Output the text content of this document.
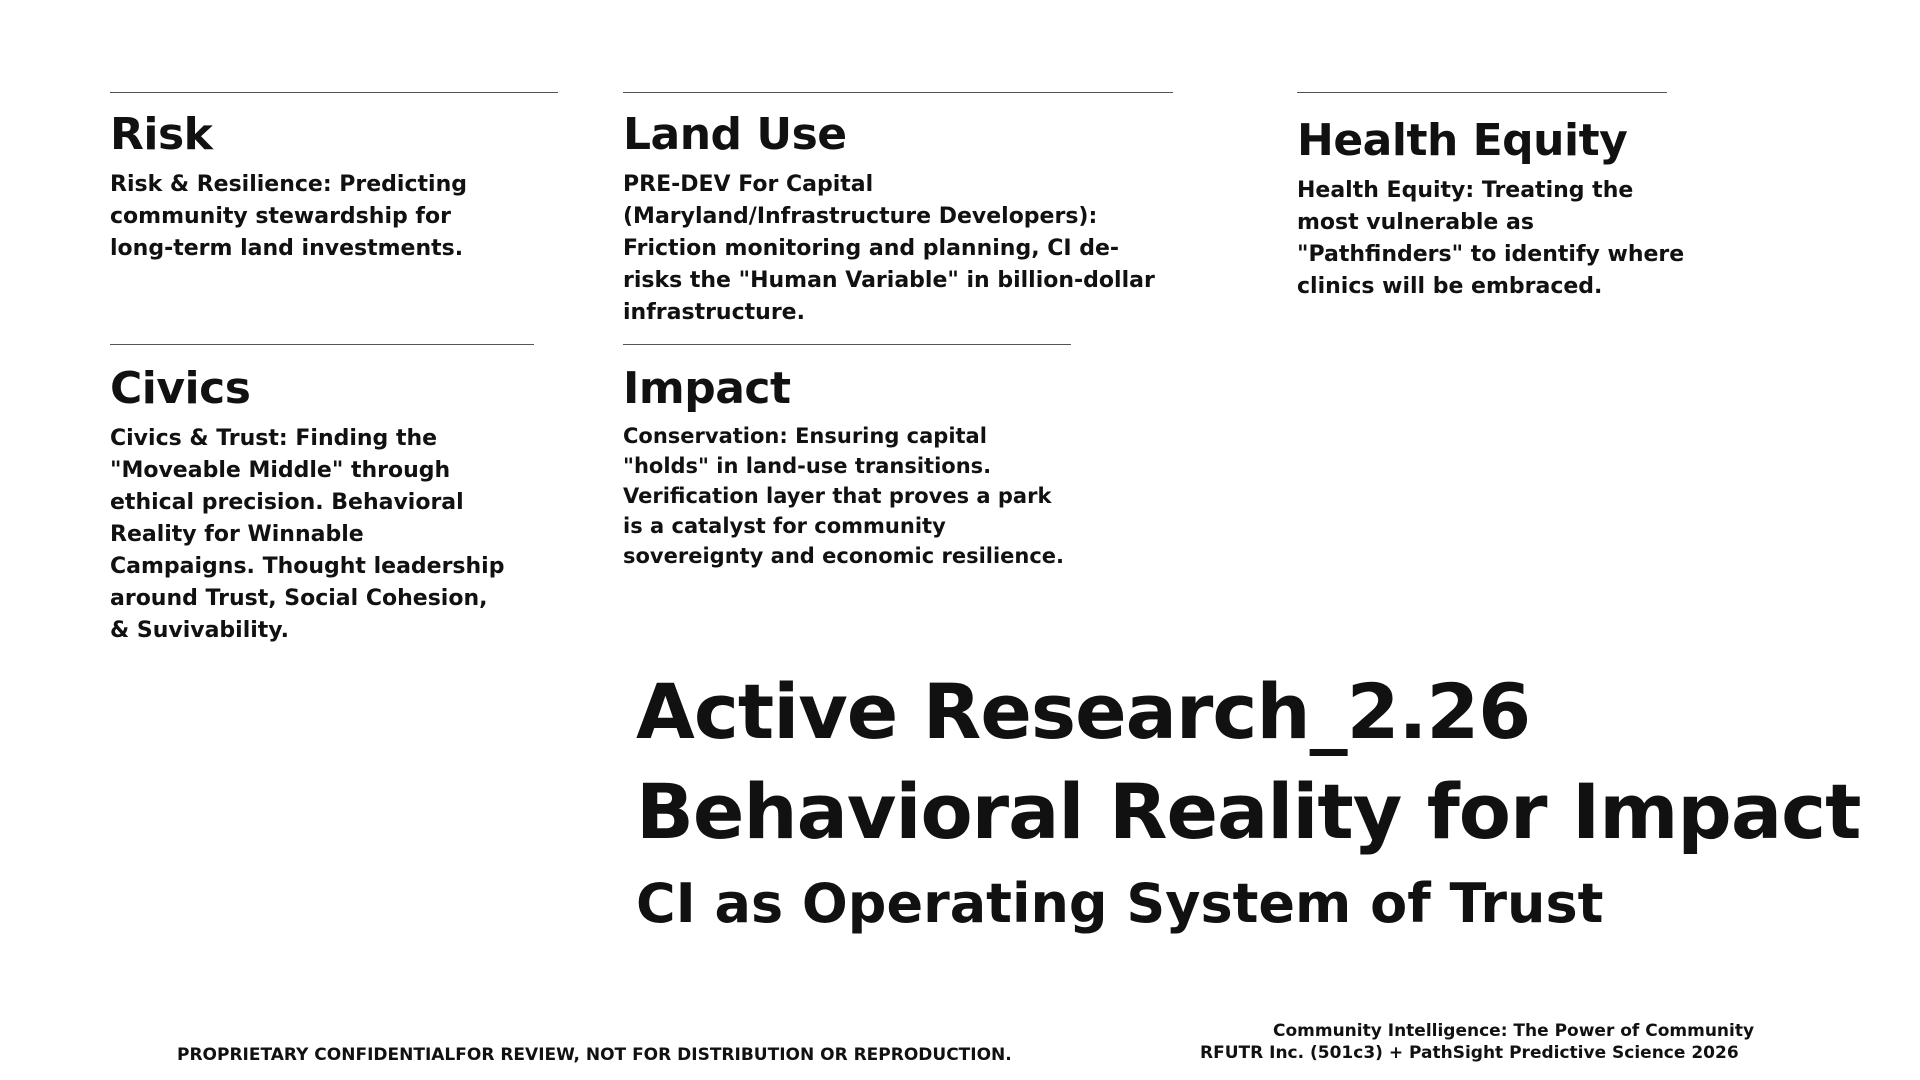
Risk

Risk & Resilience: Predicting community stewardship for long-term land investments.

Land Use

PRE-DEV For Capital (Maryland/Infrastructure Developers): Friction monitoring and planning, CI de-risks the "Human Variable" in billion-dollar infrastructure.

Health Equity

Health Equity: Treating the most vulnerable as "Pathfinders" to identify where clinics will be embraced.

Civics

Civics & Trust: Finding the "Moveable Middle" through ethical precision. Behavioral Reality for Winnable Campaigns. Thought leadership around Trust, Social Cohesion, & Suvivability.

Impact

Conservation: Ensuring capital "holds" in land-use transitions. Verification layer that proves a park is a catalyst for community sovereignty and economic resilience.

Active Research_2.26
Behavioral Reality for Impact
CI as Operating System of Trust
PROPRIETARY CONFIDENTIALFOR REVIEW, NOT FOR DISTRIBUTION OR REPRODUCTION.
Community Intelligence: The Power of Community
RFUTR Inc. (501c3) + PathSight Predictive Science 2026
